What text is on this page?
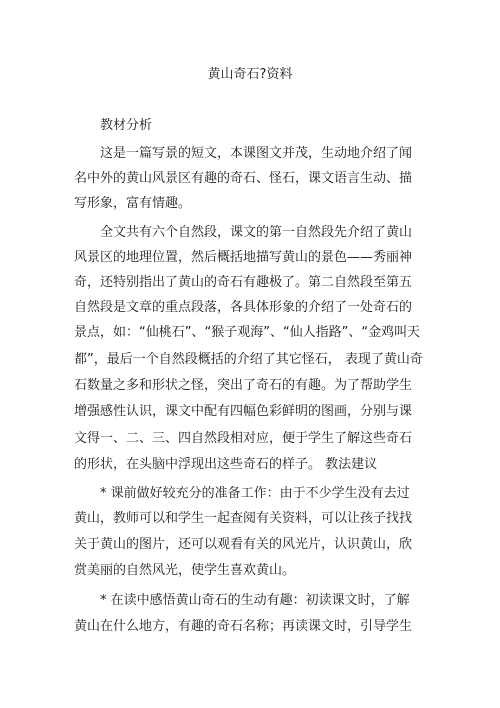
黄山奇石?资料
教材分析
这是一篇写景的短文，本课图文并茂，生动地介绍了闻
名中外的黄山风景区有趣的奇石、怪石，课文语言生动、描
写形象，富有情趣。
全文共有六个自然段，课文的第一自然段先介绍了黄山
风景区的地理位置，然后概括地描写黄山的景色——秀丽神
奇，还特别指出了黄山的奇石有趣极了。第二自然段至第五
自然段是文章的重点段落，各具体形象的介绍了一处奇石的
景点，如：“仙桃石”、“猴子观海”、“仙人指路”、“金鸡叫天
都”，最后一个自然段概括的介绍了其它怪石， 表现了黄山奇
石数量之多和形状之怪，突出了奇石的有趣。为了帮助学生
增强感性认识，课文中配有四幅色彩鲜明的图画，分别与课
文得一、二、三、四自然段相对应，便于学生了解这些奇石
的形状，在头脑中浮现出这些奇石的样子。 教法建议
* 课前做好较充分的准备工作：由于不少学生没有去过
黄山，教师可以和学生一起查阅有关资料，可以让孩子找找
关于黄山的图片，还可以观看有关的风光片，认识黄山，欣
赏美丽的自然风光，使学生喜欢黄山。
* 在读中感悟黄山奇石的生动有趣：初读课文时，了解
黄山在什么地方，有趣的奇石名称；再读课文时，引导学生
